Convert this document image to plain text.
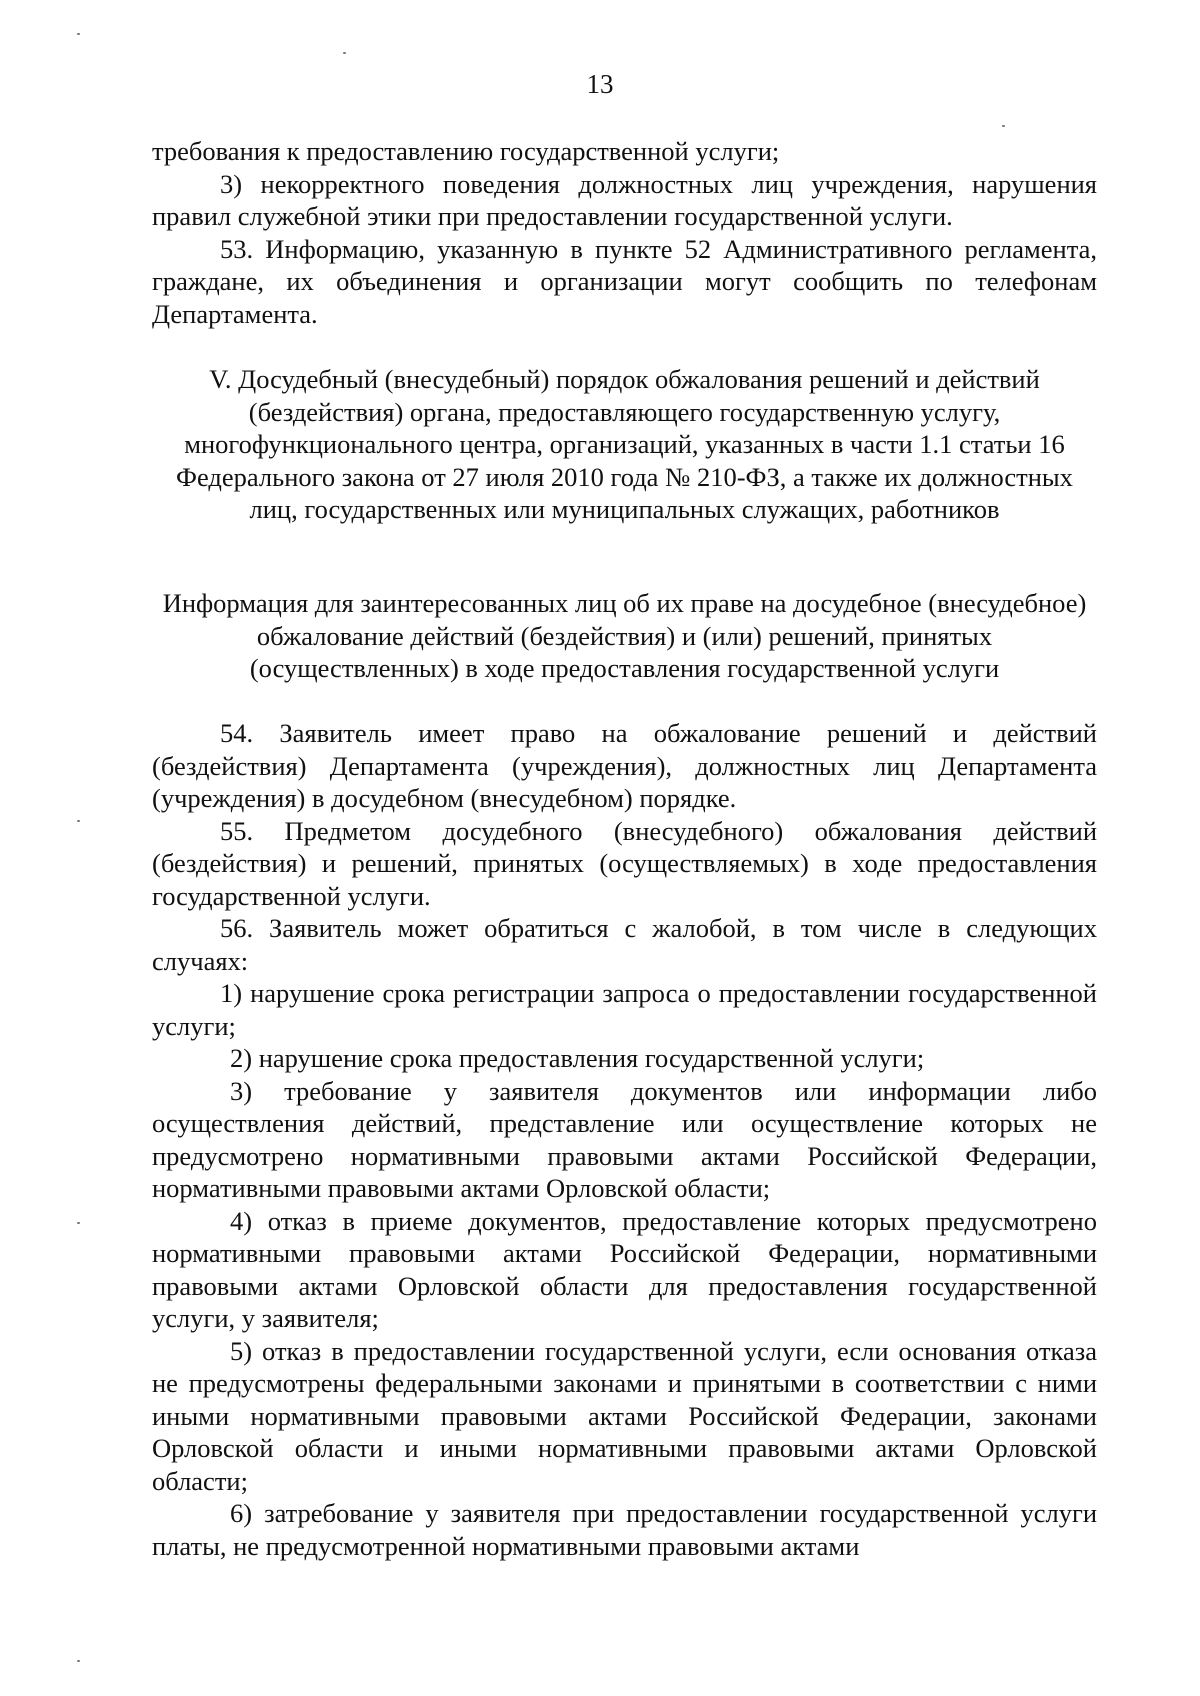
13

требования к предоставлению государственной услуги;

3) некорректного поведения должностных лиц учреждения, нарушения правил служебной этики при предоставлении государственной услуги.

53. Информацию, указанную в пункте 52 Административного регламента, граждане, их объединения и организации могут сообщить по телефонам Департамента.

V. Досудебный (внесудебный) порядок обжалования решений и действий (бездействия) органа, предоставляющего государственную услугу, многофункционального центра, организаций, указанных в части 1.1 статьи 16 Федерального закона от 27 июля 2010 года № 210-ФЗ, а также их должностных лиц, государственных или муниципальных служащих, работников

Информация для заинтересованных лиц об их праве на досудебное (внесудебное) обжалование действий (бездействия) и (или) решений, принятых (осуществленных) в ходе предоставления государственной услуги

54. Заявитель имеет право на обжалование решений и действий (бездействия) Департамента (учреждения), должностных лиц Департамента (учреждения) в досудебном (внесудебном) порядке.

55. Предметом досудебного (внесудебного) обжалования действий (бездействия) и решений, принятых (осуществляемых) в ходе предоставления государственной услуги.

56. Заявитель может обратиться с жалобой, в том числе в следующих случаях:

1) нарушение срока регистрации запроса о предоставлении государственной услуги;

2) нарушение срока предоставления государственной услуги;

3) требование у заявителя документов или информации либо осуществления действий, представление или осуществление которых не предусмотрено нормативными правовыми актами Российской Федерации, нормативными правовыми актами Орловской области;

4) отказ в приеме документов, предоставление которых предусмотрено нормативными правовыми актами Российской Федерации, нормативными правовыми актами Орловской области для предоставления государственной услуги, у заявителя;

5) отказ в предоставлении государственной услуги, если основания отказа не предусмотрены федеральными законами и принятыми в соответствии с ними иными нормативными правовыми актами Российской Федерации, законами Орловской области и иными нормативными правовыми актами Орловской области;

6) затребование у заявителя при предоставлении государственной услуги платы, не предусмотренной нормативными правовыми актами
